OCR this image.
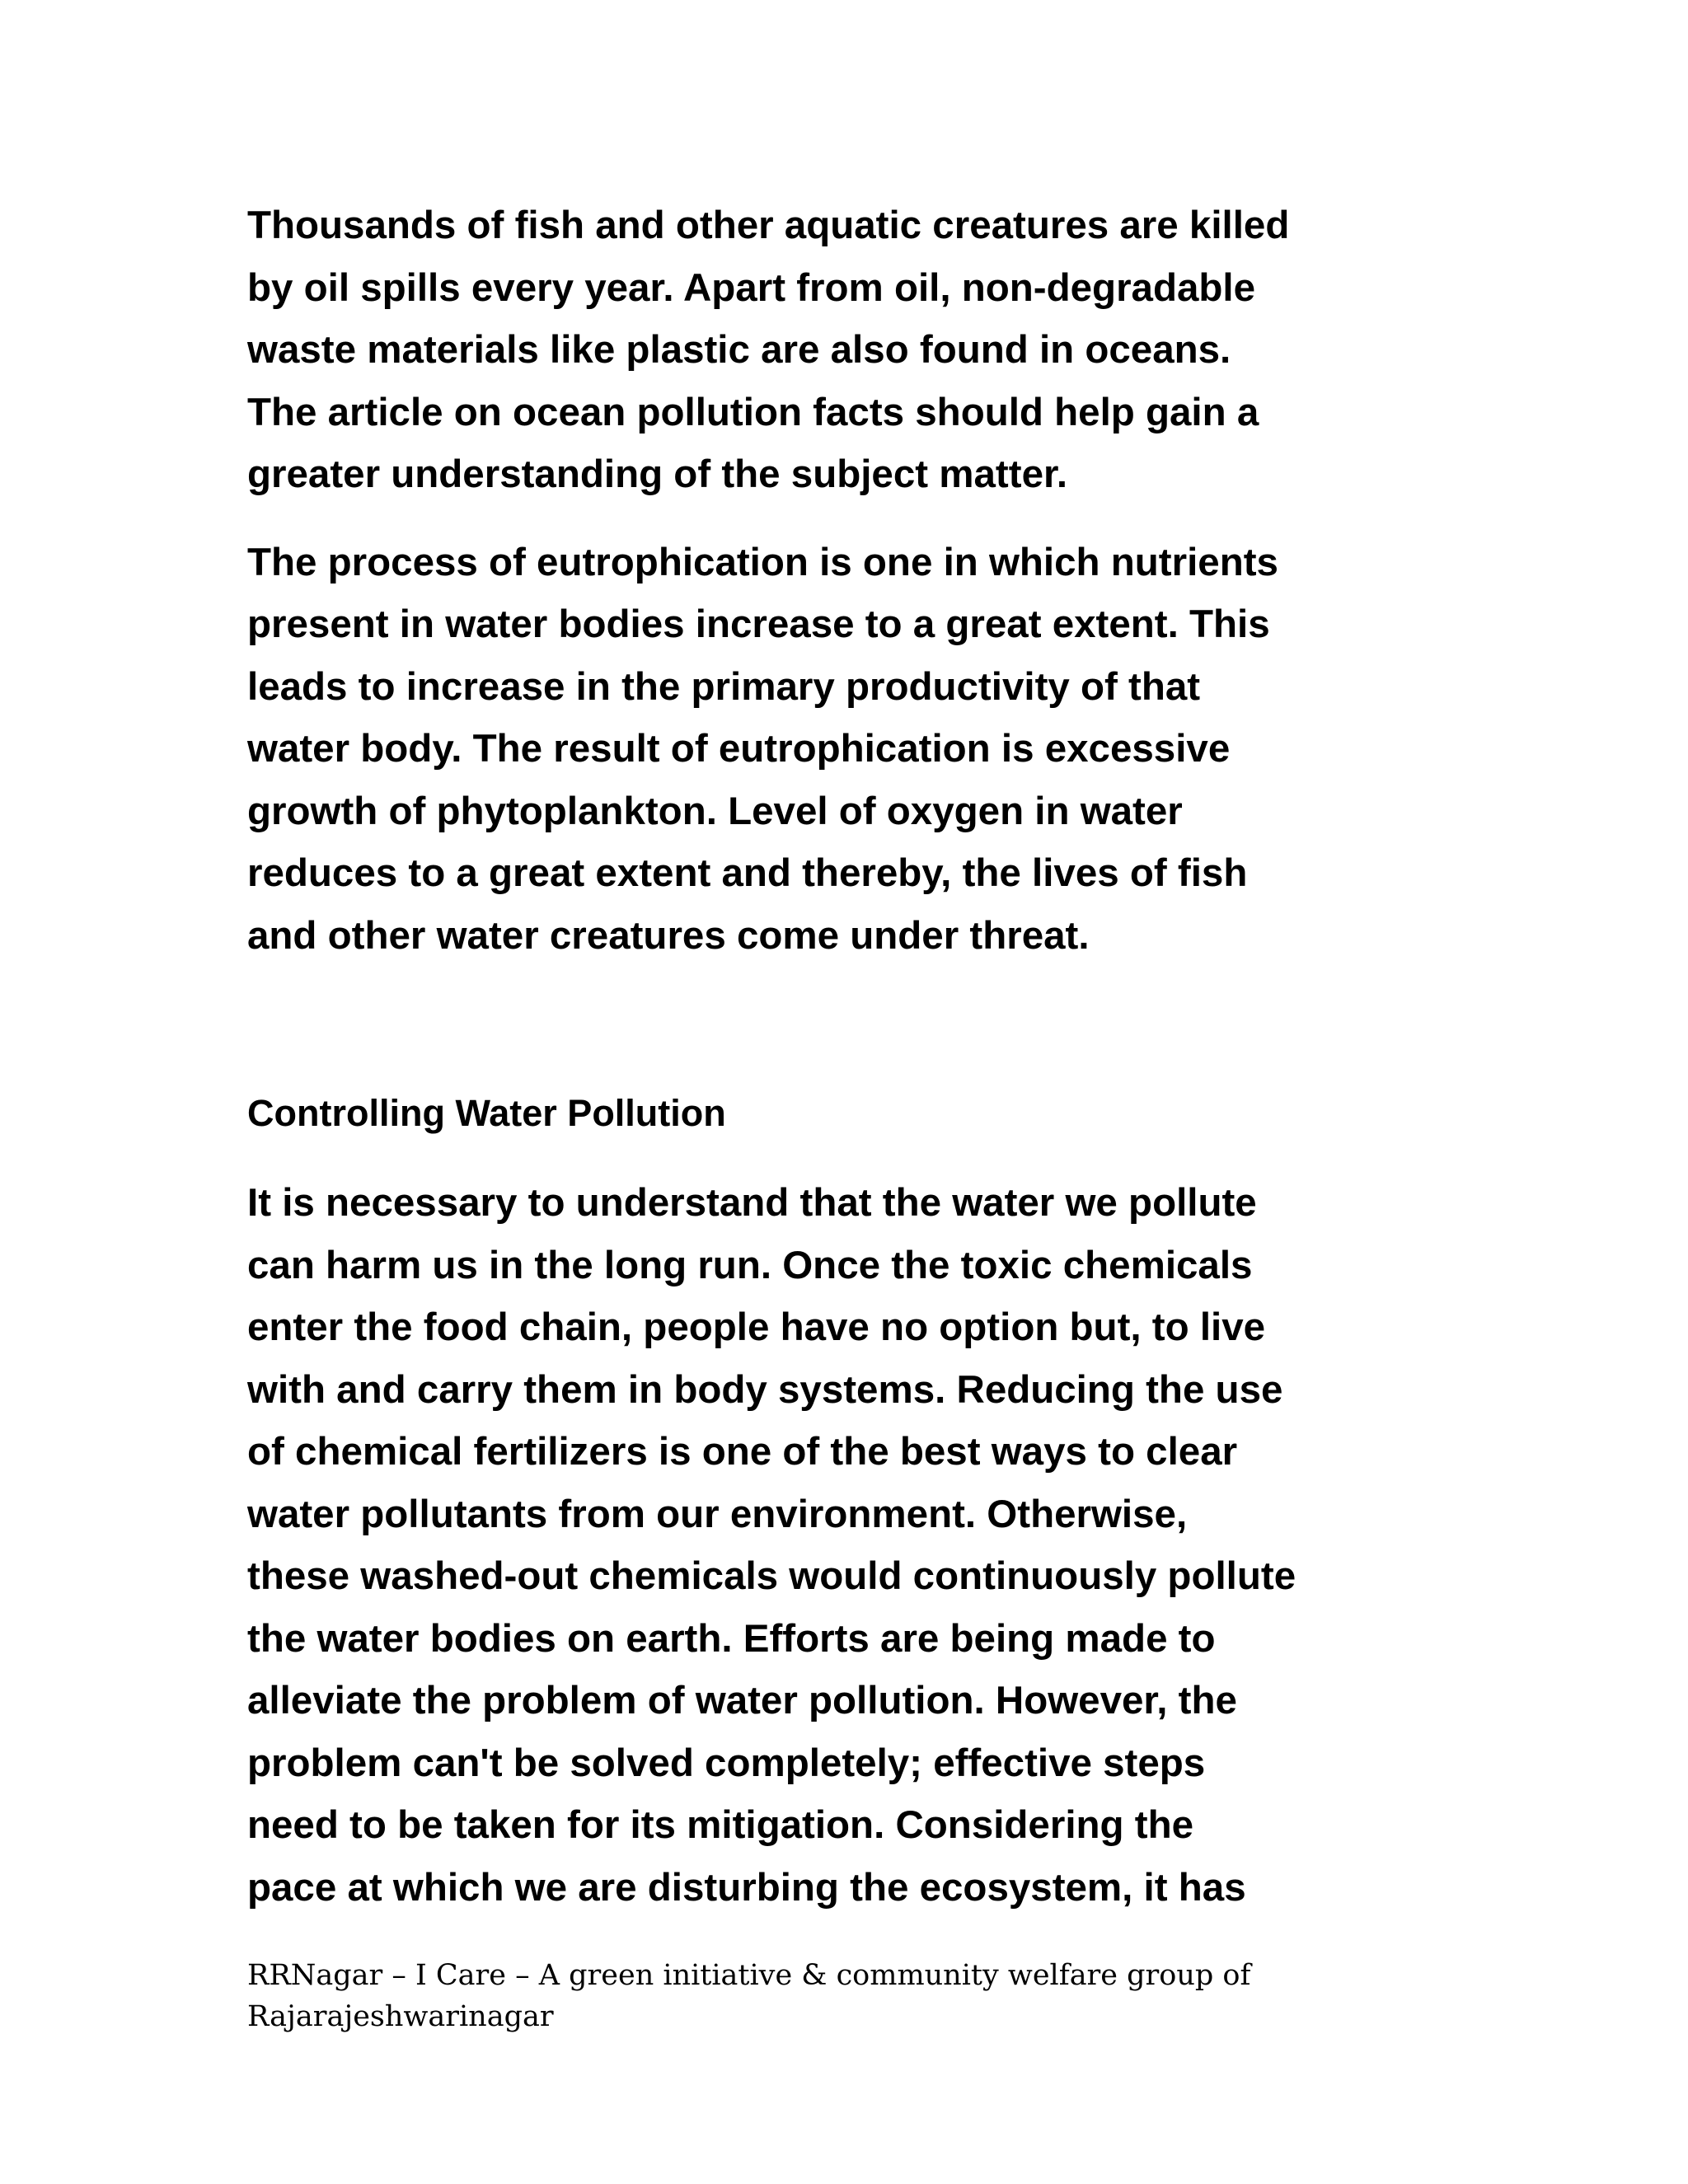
Thousands of fish and other aquatic creatures are killed
by oil spills every year. Apart from oil, non-degradable
waste materials like plastic are also found in oceans.
The article on ocean pollution facts should help gain a
greater understanding of the subject matter.

The process of eutrophication is one in which nutrients
present in water bodies increase to a great extent. This
leads to increase in the primary productivity of that
water body. The result of eutrophication is excessive
growth of phytoplankton. Level of oxygen in water
reduces to a great extent and thereby, the lives of fish
and other water creatures come under threat.

Controlling Water Pollution

It is necessary to understand that the water we pollute
can harm us in the long run. Once the toxic chemicals
enter the food chain, people have no option but, to live
with and carry them in body systems. Reducing the use
of chemical fertilizers is one of the best ways to clear
water pollutants from our environment. Otherwise,
these washed-out chemicals would continuously pollute
the water bodies on earth. Efforts are being made to
alleviate the problem of water pollution. However, the
problem can't be solved completely; effective steps
need to be taken for its mitigation. Considering the
pace at which we are disturbing the ecosystem, it has

RRNagar – I Care – A green initiative & community welfare group of
Rajarajeshwarinagar
